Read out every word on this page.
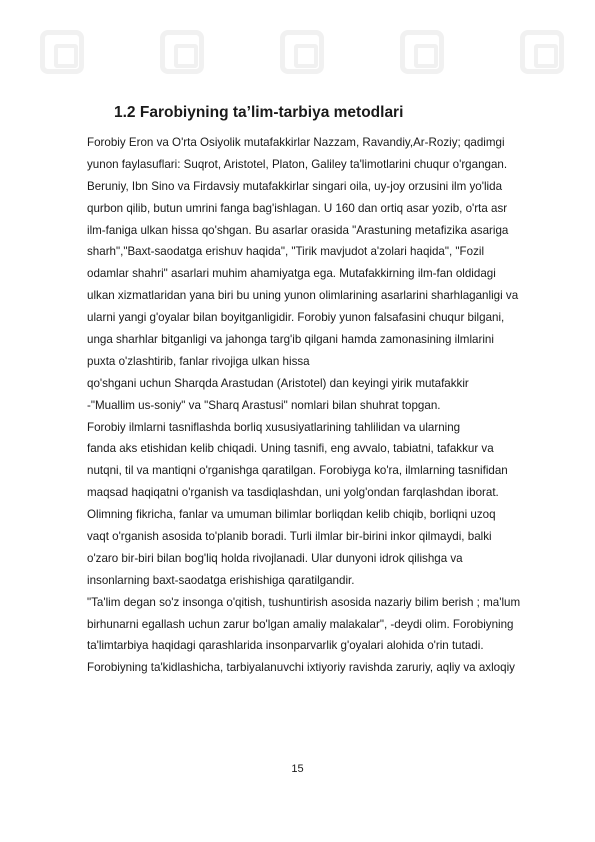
1.2 Farobiyning ta’lim-tarbiya metodlari
Forobiy Eron va O'rta Osiyolik mutafakkirlar Nazzam, Ravandiy,Ar-Roziy; qadimgi
yunon faylasuflari: Suqrot, Aristotel, Platon, Galiley ta'limotlarini chuqur o'rgangan.
Beruniy, Ibn Sino va Firdavsiy mutafakkirlar singari oila, uy-joy orzusini ilm yo'lida
qurbon qilib, butun umrini fanga bag'ishlagan. U 160 dan ortiq asar yozib, o'rta asr
ilm-faniga ulkan hissa qo'shgan. Bu asarlar orasida "Arastuning metafizika asariga
sharh","Baxt-saodatga erishuv haqida", "Tirik mavjudot a'zolari haqida", "Fozil
odamlar shahri" asarlari muhim ahamiyatga ega. Mutafakkirning ilm-fan oldidagi
ulkan xizmatlaridan yana biri bu uning yunon olimlarining asarlarini sharhlaganligi va
ularni yangi g'oyalar bilan boyitganligidir. Forobiy yunon falsafasini chuqur bilgani,
unga sharhlar bitganligi va jahonga targ'ib qilgani hamda zamonasining ilmlarini
puxta o'zlashtirib, fanlar rivojiga ulkan hissa
qo'shgani uchun Sharqda Arastudan (Aristotel) dan keyingi yirik mutafakkir
-"Muallim us-soniy" va "Sharq Arastusi" nomlari bilan shuhrat topgan.
Forobiy ilmlarni tasniflashda borliq xususiyatlarining tahlilidan va ularning
fanda aks etishidan kelib chiqadi. Uning tasnifi, eng avvalo, tabiatni, tafakkur va
nutqni, til va mantiqni o'rganishga qaratilgan. Forobiyga ko'ra, ilmlarning tasnifidan
maqsad haqiqatni o'rganish va tasdiqlashdan, uni yolg'ondan farqlashdan iborat.
Olimning fikricha, fanlar va umuman bilimlar borliqdan kelib chiqib, borliqni uzoq
vaqt o'rganish asosida to'planib boradi. Turli ilmlar bir-birini inkor qilmaydi, balki
o'zaro bir-biri bilan bog'liq holda rivojlanadi. Ular dunyoni idrok qilishga va
insonlarning baxt-saodatga erishishiga qaratilgandir.
"Ta'lim degan so'z insonga o'qitish, tushuntirish asosida nazariy bilim berish ; ma'lum
birhunarni egallash uchun zarur bo'lgan amaliy malakalar", -deydi olim. Forobiyning
ta'limtarbiya haqidagi qarashlarida insonparvarlik g'oyalari alohida o'rin tutadi.
Forobiyning ta'kidlashicha, tarbiyalanuvchi ixtiyoriy ravishda zaruriy, aqliy va axloqiy
15
